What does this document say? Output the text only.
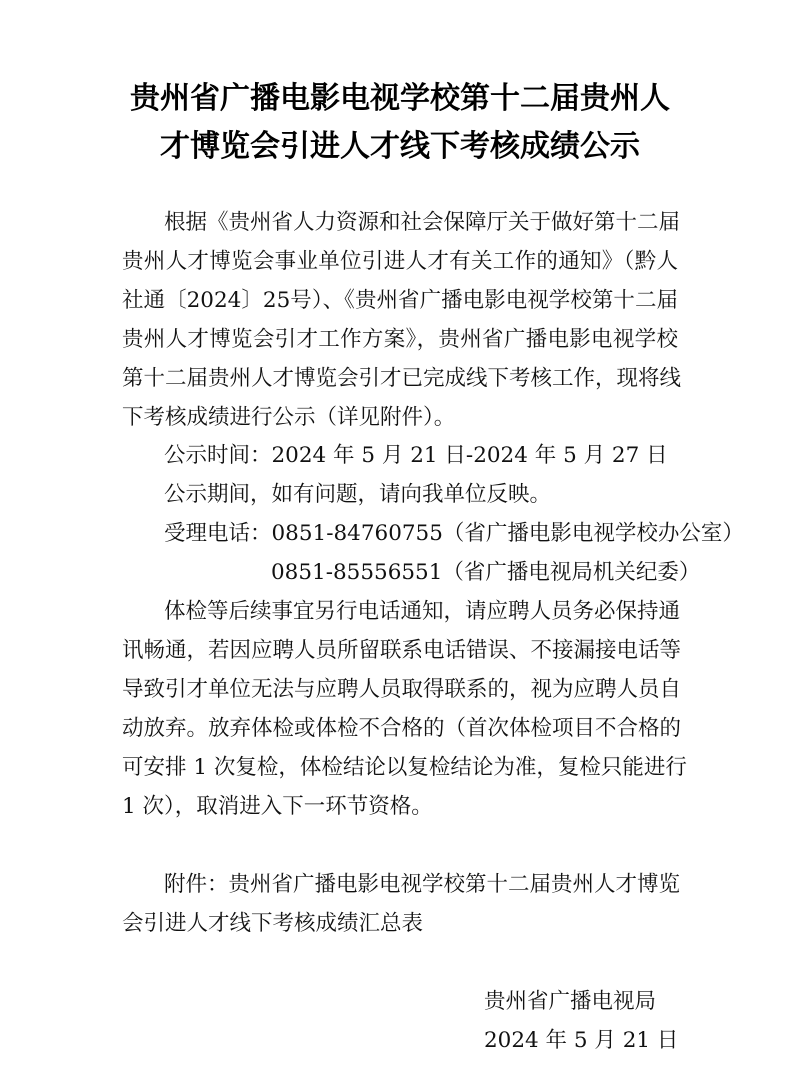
贵州省广播电影电视学校第十二届贵州人
才博览会引进人才线下考核成绩公示
根据《贵州省人力资源和社会保障厅关于做好第十二届
贵州人才博览会事业单位引进人才有关工作的通知》（黔人
社通〔2024〕25号）、《贵州省广播电影电视学校第十二届
贵州人才博览会引才工作方案》，贵州省广播电影电视学校
第十二届贵州人才博览会引才已完成线下考核工作，现将线
下考核成绩进行公示（详见附件）。
公示时间：2024 年 5 月 21 日-2024 年 5 月 27 日
公示期间，如有问题，请向我单位反映。
受理电话：0851-84760755（省广播电影电视学校办公室）
0851-85556551（省广播电视局机关纪委）
体检等后续事宜另行电话通知，请应聘人员务必保持通
讯畅通，若因应聘人员所留联系电话错误、不接漏接电话等
导致引才单位无法与应聘人员取得联系的，视为应聘人员自
动放弃。放弃体检或体检不合格的（首次体检项目不合格的
可安排 1 次复检，体检结论以复检结论为准，复检只能进行
1 次），取消进入下一环节资格。
附件：贵州省广播电影电视学校第十二届贵州人才博览
会引进人才线下考核成绩汇总表
贵州省广播电视局
2024 年 5 月 21 日
